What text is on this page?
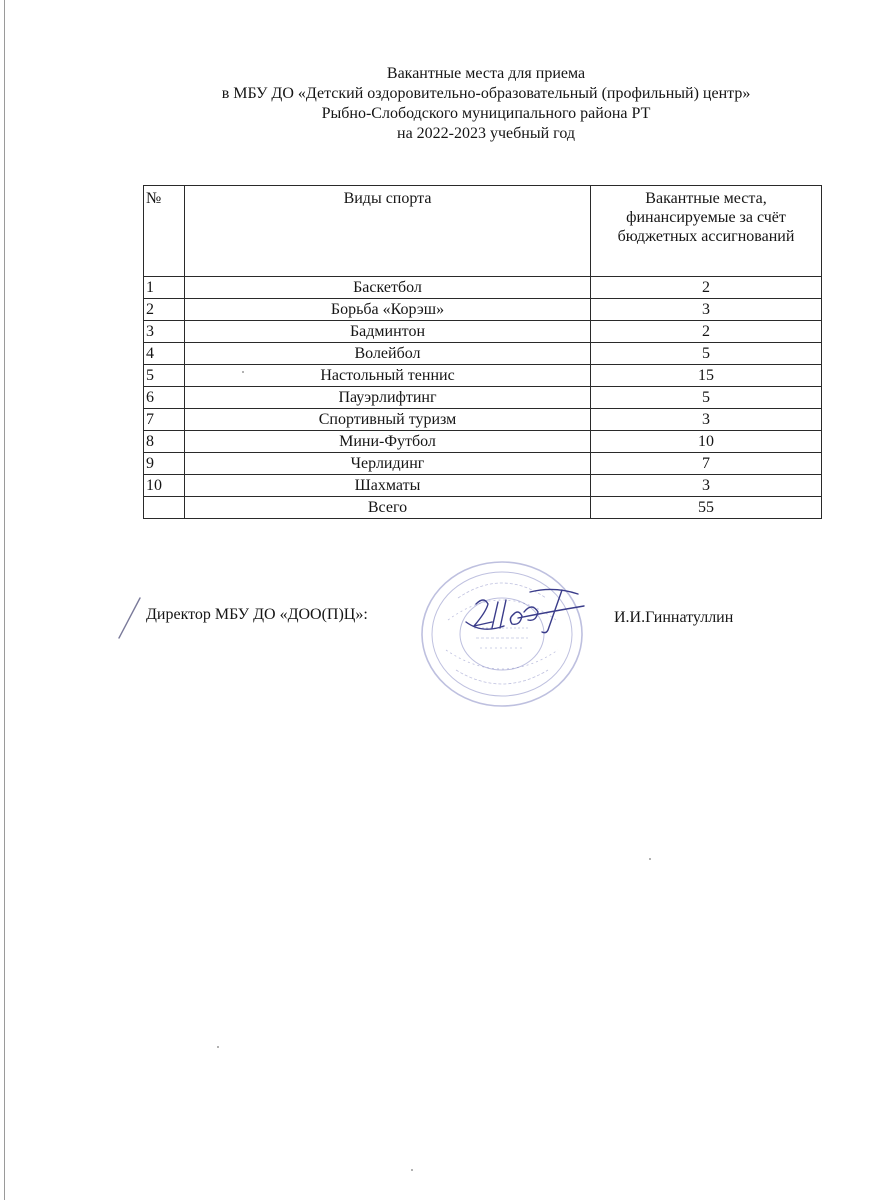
Вакантные места для приема
в МБУ ДО «Детский оздоровительно-образовательный (профильный) центр»
Рыбно-Слободского муниципального района РТ
на 2022-2023 учебный год
№	Виды спорта	Вакантные места, финансируемые за счёт бюджетных ассигнований
1	Баскетбол	2
2	Борьба «Корэш»	3
3	Бадминтон	2
4	Волейбол	5
5	Настольный теннис	15
6	Пауэрлифтинг	5
7	Спортивный туризм	3
8	Мини-Футбол	10
9	Черлидинг	7
10	Шахматы	3
	Всего	55
Директор МБУ ДО «ДОО(П)Ц»:	И.И.Гиннатуллин
